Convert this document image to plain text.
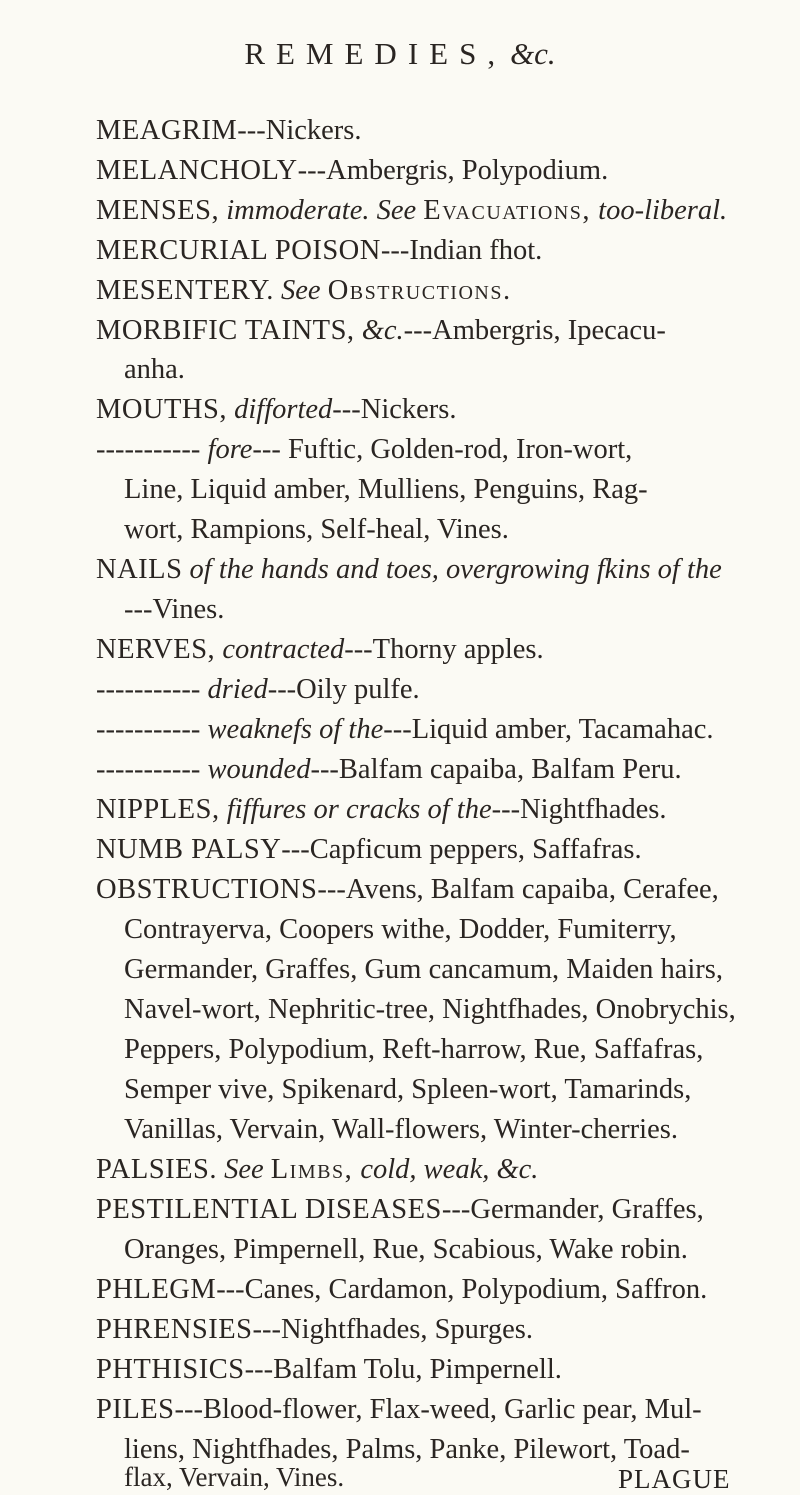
REMEDIES, &c.
MEAGRIM---Nickers.
MELANCHOLY---Ambergris, Polypodium.
MENSES, immoderate. See Evacuations, too-liberal.
MERCURIAL POISON---Indian fhot.
MESENTERY. See Obstructions.
MORBIFIC TAINTS, &c.---Ambergris, Ipecacu-
anha.
MOUTHS, difforted---Nickers.
----------- fore--- Fuftic, Golden-rod, Iron-wort,
Line, Liquid amber, Mulliens, Penguins, Rag-
wort, Rampions, Self-heal, Vines.
NAILS of the hands and toes, overgrowing fkins of the
---Vines.
NERVES, contracted---Thorny apples.
----------- dried---Oily pulfe.
----------- weaknefs of the---Liquid amber, Tacamahac.
----------- wounded---Balfam capaiba, Balfam Peru.
NIPPLES, fiffures or cracks of the---Nightfhades.
NUMB PALSY---Capficum peppers, Saffafras.
OBSTRUCTIONS---Avens, Balfam capaiba, Cerafee,
Contrayerva, Coopers withe, Dodder, Fumiterry,
Germander, Graffes, Gum cancamum, Maiden hairs,
Navel-wort, Nephritic-tree, Nightfhades, Onobrychis,
Peppers, Polypodium, Reft-harrow, Rue, Saffafras,
Semper vive, Spikenard, Spleen-wort, Tamarinds,
Vanillas, Vervain, Wall-flowers, Winter-cherries.
PALSIES. See Limbs, cold, weak, &c.
PESTILENTIAL DISEASES---Germander, Graffes,
Oranges, Pimpernell, Rue, Scabious, Wake robin.
PHLEGM---Canes, Cardamon, Polypodium, Saffron.
PHRENSIES---Nightfhades, Spurges.
PHTHISICS---Balfam Tolu, Pimpernell.
PILES---Blood-flower, Flax-weed, Garlic pear, Mul-
liens, Nightfhades, Palms, Panke, Pilewort, Toad-
flax, Vervain, Vines.	PLAGUE
